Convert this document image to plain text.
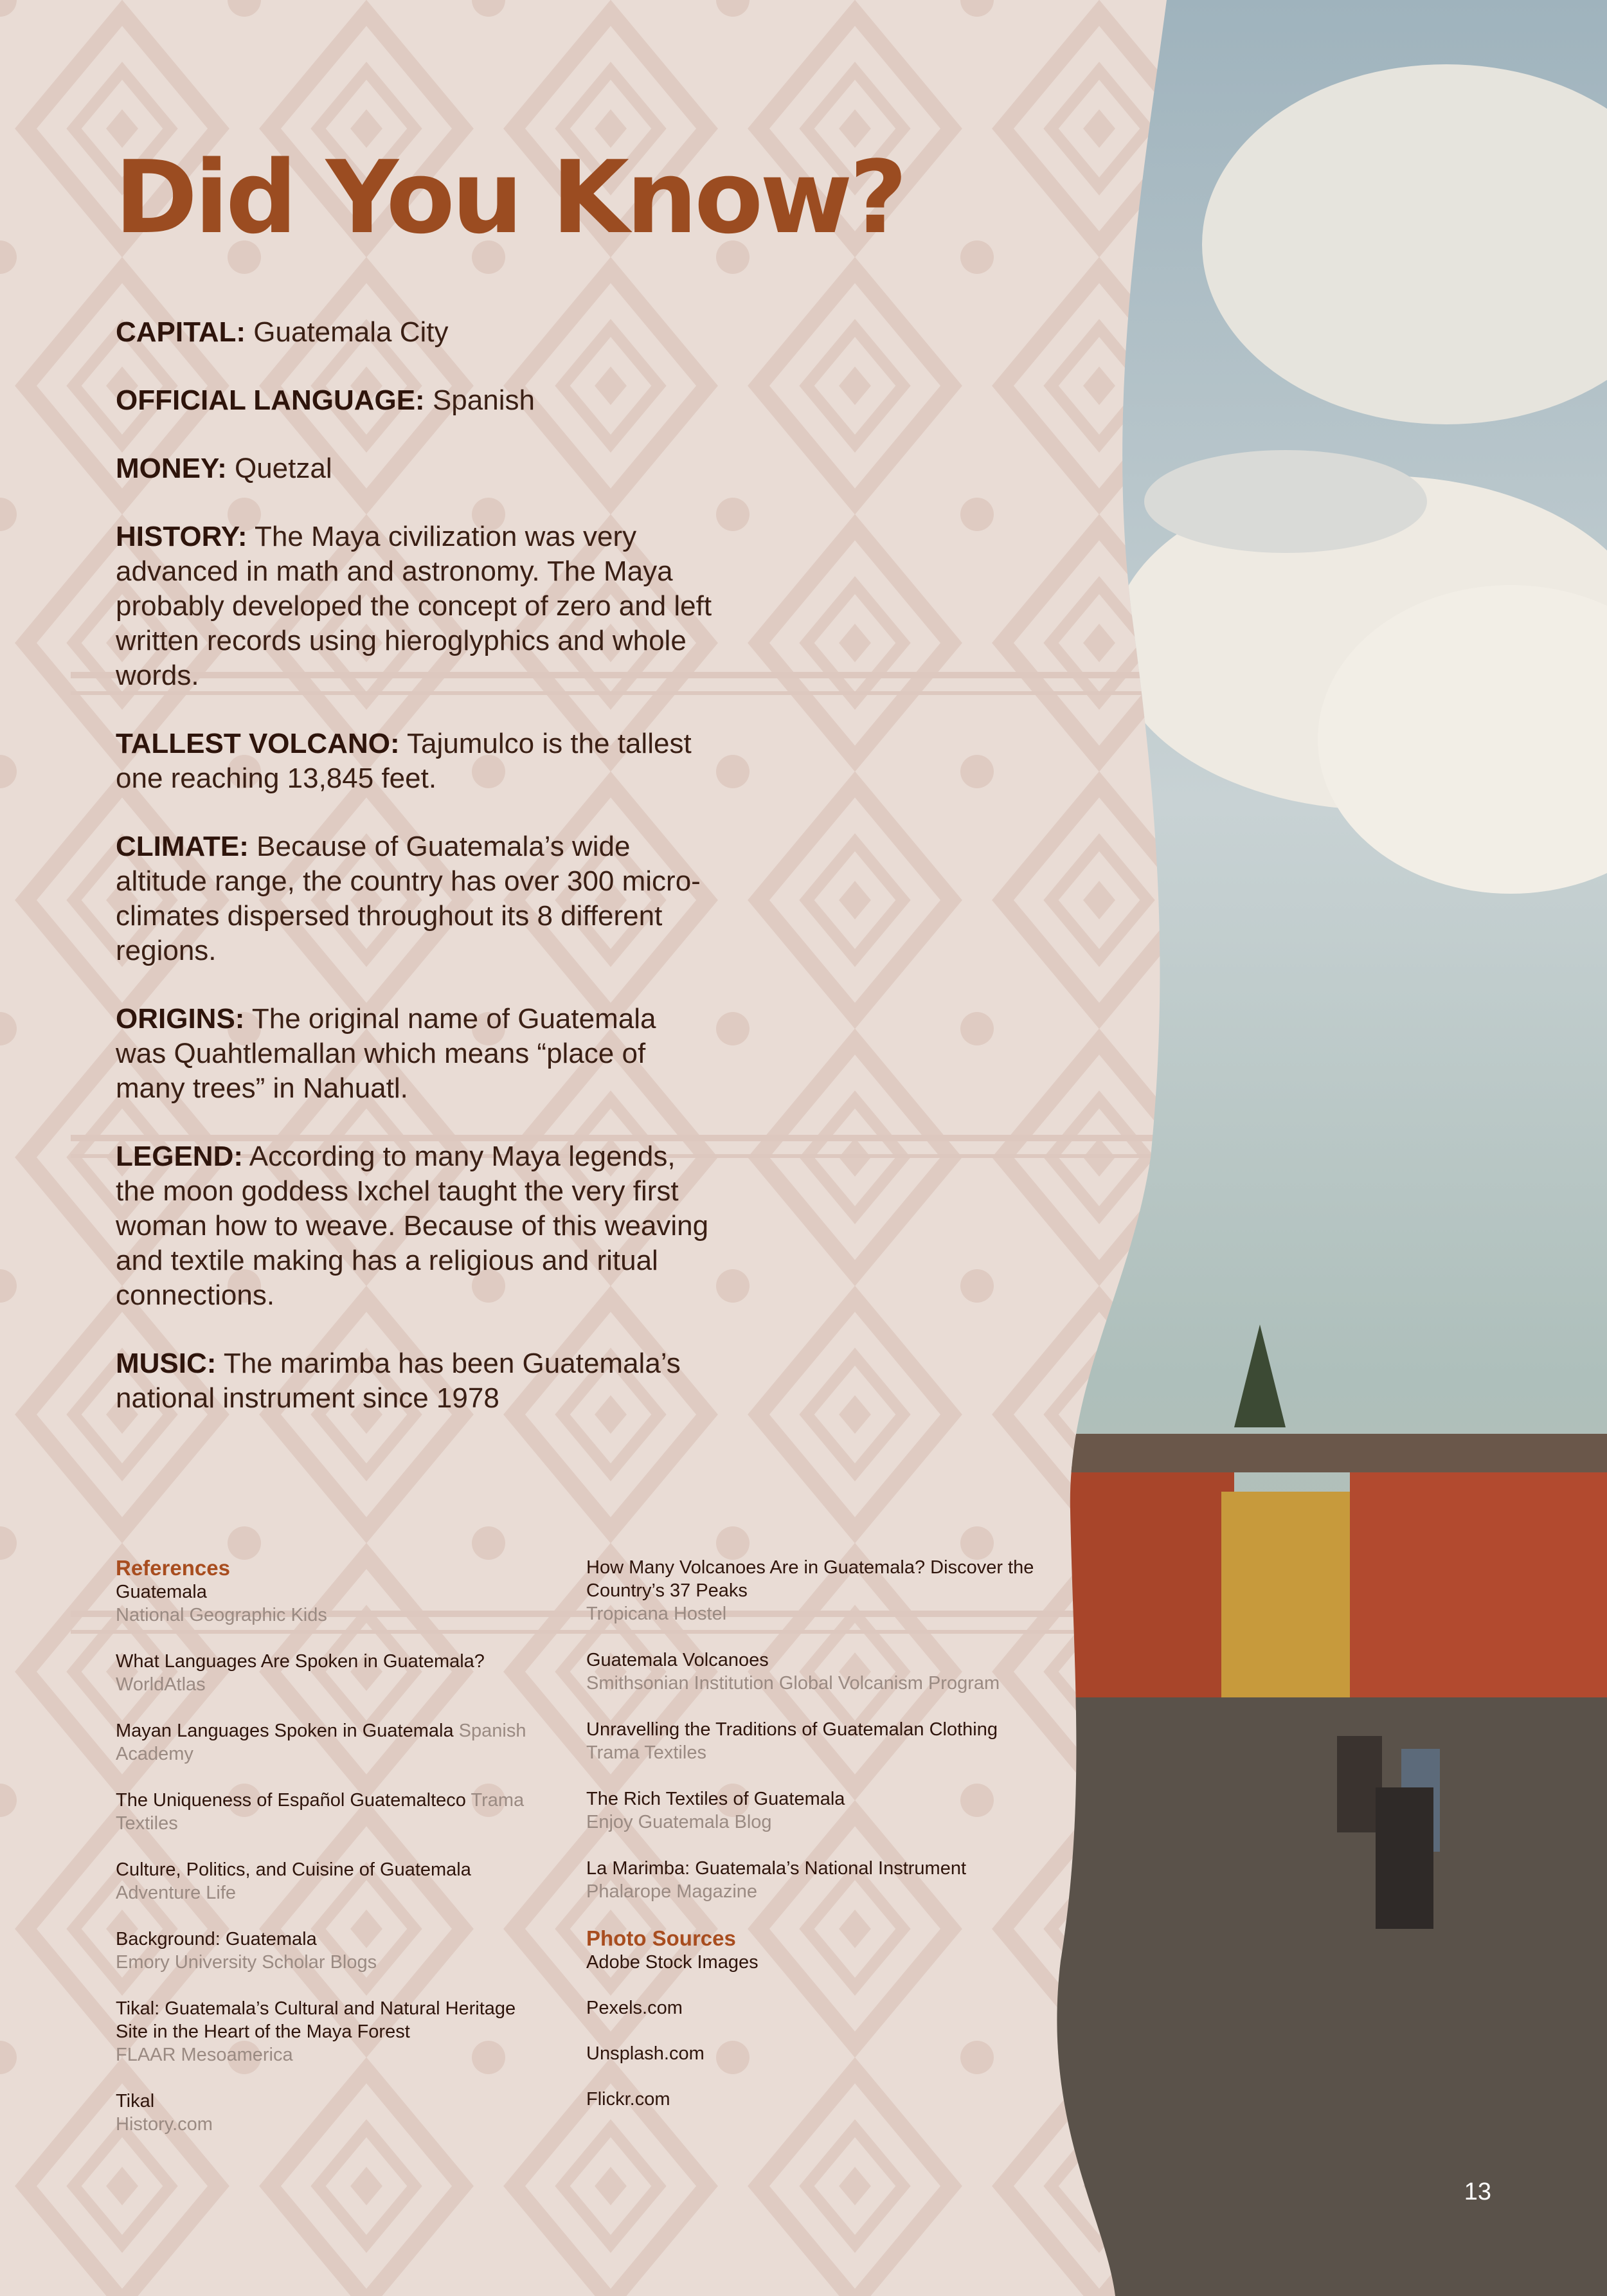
Did You Know?

CAPITAL: Guatemala City

OFFICIAL LANGUAGE: Spanish

MONEY: Quetzal

HISTORY: The Maya civilization was very advanced in math and astronomy. The Maya probably developed the concept of zero and left written records using hieroglyphics and whole words.

TALLEST VOLCANO: Tajumulco is the tallest one reaching 13,845 feet.

CLIMATE: Because of Guatemala’s wide altitude range, the country has over 300 micro-climates dispersed throughout its 8 different regions.

ORIGINS: The original name of Guatemala was Quahtlemallan which means “place of many trees” in Nahuatl.

LEGEND: According to many Maya legends, the moon goddess Ixchel taught the very first woman how to weave. Because of this weaving and textile making has a religious and ritual connections.

MUSIC: The marimba has been Guatemala’s national instrument since 1978

References
Guatemala
National Geographic Kids
What Languages Are Spoken in Guatemala?
WorldAtlas
Mayan Languages Spoken in Guatemala Spanish Academy
The Uniqueness of Español Guatemalteco Trama Textiles
Culture, Politics, and Cuisine of Guatemala
Adventure Life
Background: Guatemala
Emory University Scholar Blogs
Tikal: Guatemala’s Cultural and Natural Heritage Site in the Heart of the Maya Forest
FLAAR Mesoamerica
Tikal
History.com
How Many Volcanoes Are in Guatemala? Discover the Country’s 37 Peaks
Tropicana Hostel
Guatemala Volcanoes
Smithsonian Institution Global Volcanism Program
Unravelling the Traditions of Guatemalan Clothing
Trama Textiles
The Rich Textiles of Guatemala
Enjoy Guatemala Blog
La Marimba: Guatemala’s National Instrument
Phalarope Magazine
Photo Sources
Adobe Stock Images
Pexels.com
Unsplash.com
Flickr.com
13
